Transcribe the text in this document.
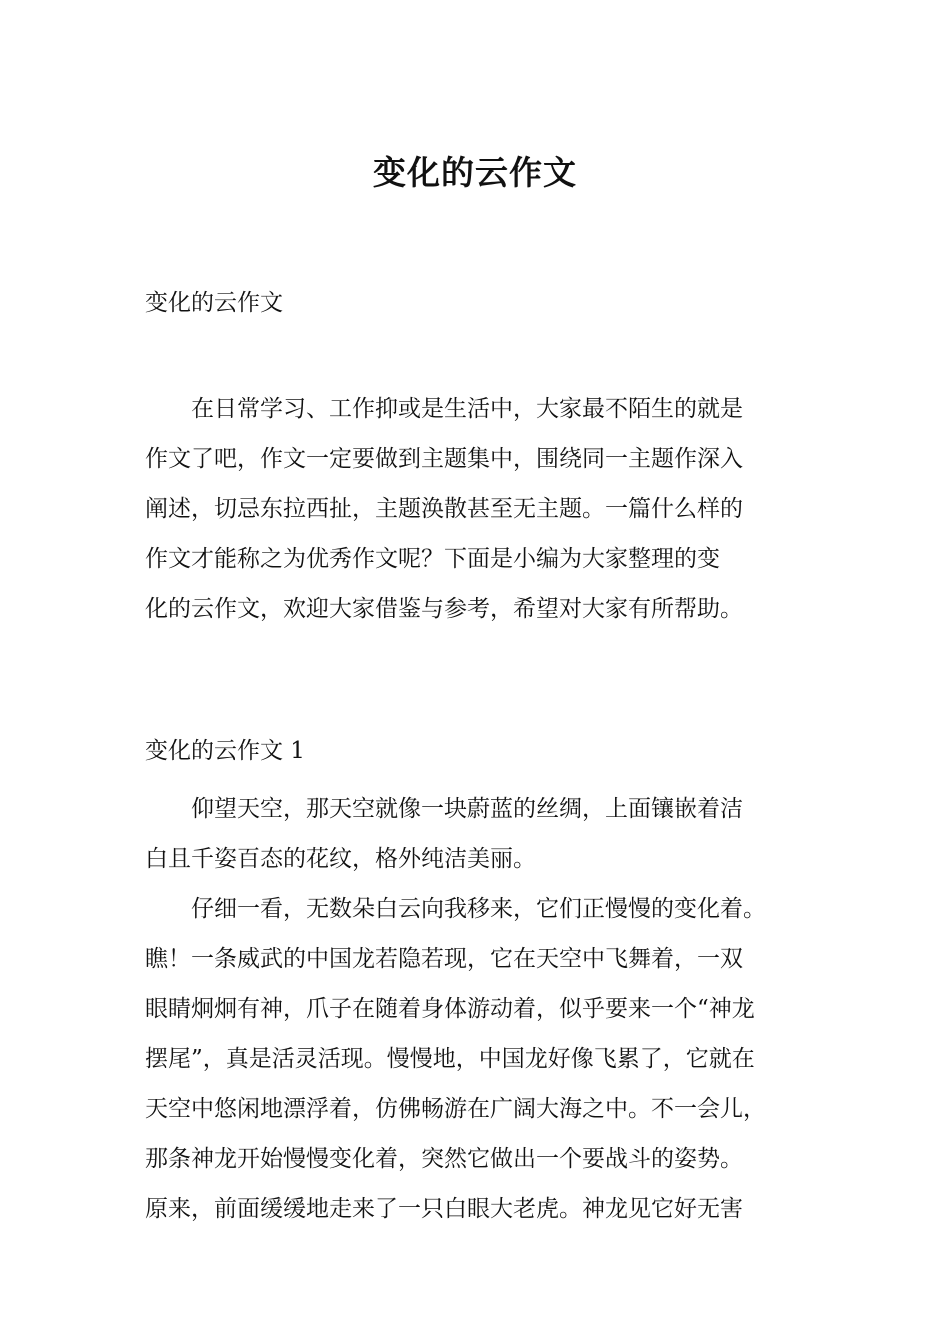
变化的云作文
变化的云作文
在日常学习、工作抑或是生活中，大家最不陌生的就是
作文了吧，作文一定要做到主题集中，围绕同一主题作深入
阐述，切忌东拉西扯，主题涣散甚至无主题。一篇什么样的
作文才能称之为优秀作文呢？下面是小编为大家整理的变
化的云作文，欢迎大家借鉴与参考，希望对大家有所帮助。
变化的云作文 1
仰望天空，那天空就像一块蔚蓝的丝绸，上面镶嵌着洁
白且千姿百态的花纹，格外纯洁美丽。
仔细一看，无数朵白云向我移来，它们正慢慢的变化着。
瞧！一条威武的中国龙若隐若现，它在天空中飞舞着，一双
眼睛炯炯有神，爪子在随着身体游动着，似乎要来一个“神龙
摆尾”，真是活灵活现。慢慢地，中国龙好像飞累了，它就在
天空中悠闲地漂浮着，仿佛畅游在广阔大海之中。不一会儿，
那条神龙开始慢慢变化着，突然它做出一个要战斗的姿势。
原来，前面缓缓地走来了一只白眼大老虎。神龙见它好无害
